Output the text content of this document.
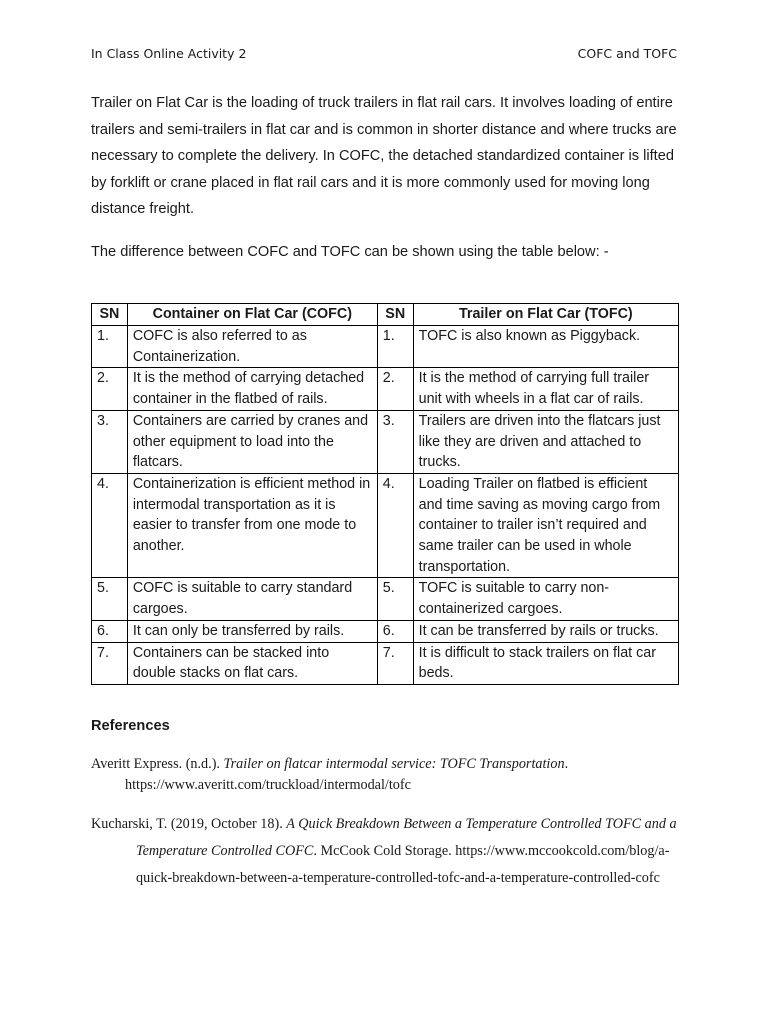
In Class Online Activity 2	COFC and TOFC

Trailer on Flat Car is the loading of truck trailers in flat rail cars. It involves loading of entire trailers and semi-trailers in flat car and is common in shorter distance and where trucks are necessary to complete the delivery. In COFC, the detached standardized container is lifted by forklift or crane placed in flat rail cars and it is more commonly used for moving long distance freight.

The difference between COFC and TOFC can be shown using the table below: -

SN	Container on Flat Car (COFC)	SN	Trailer on Flat Car (TOFC)
1.	COFC is also referred to as Containerization.	1.	TOFC is also known as Piggyback.
2.	It is the method of carrying detached container in the flatbed of rails.	2.	It is the method of carrying full trailer unit with wheels in a flat car of rails.
3.	Containers are carried by cranes and other equipment to load into the flatcars.	3.	Trailers are driven into the flatcars just like they are driven and attached to trucks.
4.	Containerization is efficient method in intermodal transportation as it is easier to transfer from one mode to another.	4.	Loading Trailer on flatbed is efficient and time saving as moving cargo from container to trailer isn’t required and same trailer can be used in whole transportation.
5.	COFC is suitable to carry standard cargoes.	5.	TOFC is suitable to carry non-containerized cargoes.
6.	It can only be transferred by rails.	6.	It can be transferred by rails or trucks.
7.	Containers can be stacked into double stacks on flat cars.	7.	It is difficult to stack trailers on flat car beds.

References

Averitt Express. (n.d.). Trailer on flatcar intermodal service: TOFC Transportation.
https://www.averitt.com/truckload/intermodal/tofc

Kucharski, T. (2019, October 18). A Quick Breakdown Between a Temperature Controlled TOFC and a Temperature Controlled COFC. McCook Cold Storage. https://www.mccookcold.com/blog/a-quick-breakdown-between-a-temperature-controlled-tofc-and-a-temperature-controlled-cofc
